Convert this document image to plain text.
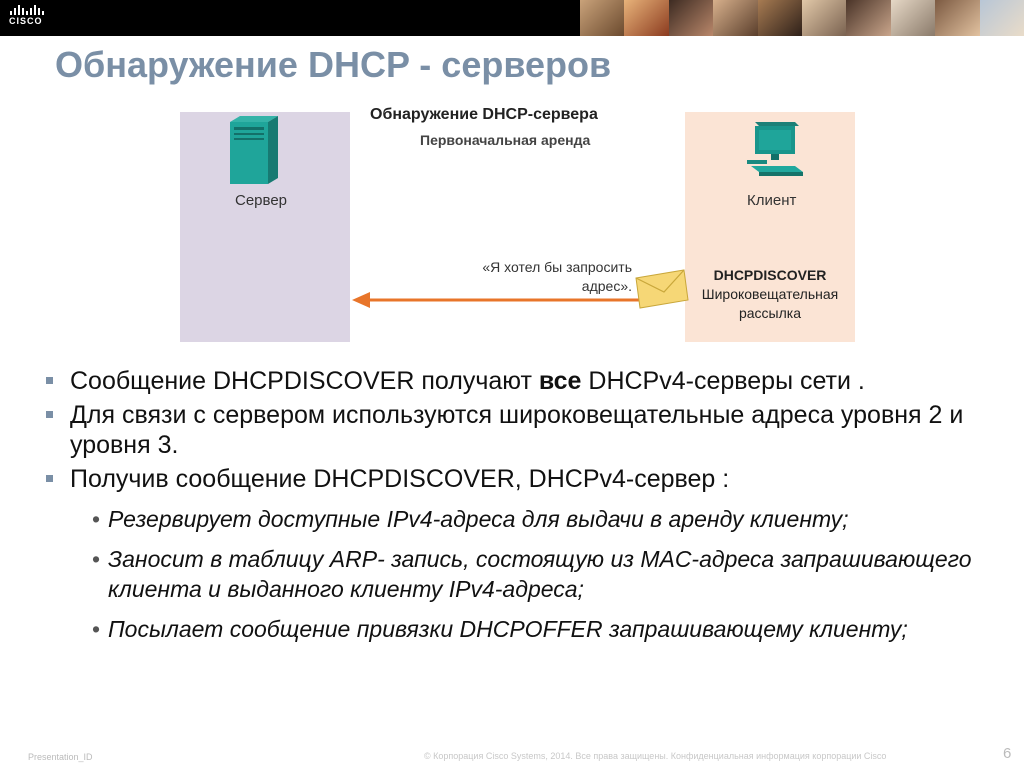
CISCO
Обнаружение DHCP - серверов
Обнаружение DHCP-сервера
Первоначальная аренда
Сервер	Клиент
«Я хотел бы запросить
адрес».
DHCPDISCOVER
Широковещательная
рассылка
Сообщение DHCPDISCOVER получают все DHCPv4-серверы сети .
Для связи с сервером используются широковещательные адреса уровня 2 и уровня 3.
Получив сообщение DHCPDISCOVER, DHCPv4-сервер :
• Резервирует доступные IPv4-адреса для выдачи в аренду клиенту;
• Заносит в таблицу ARP- запись, состоящую из MAC-адреса запрашивающего клиента и выданного клиенту IPv4-адреса;
• Посылает сообщение привязки DHCPOFFER запрашивающему клиенту;
Presentation_ID	© Корпорация Cisco Systems, 2014. Все права защищены. Конфиденциальная информация корпорации Cisco	6
